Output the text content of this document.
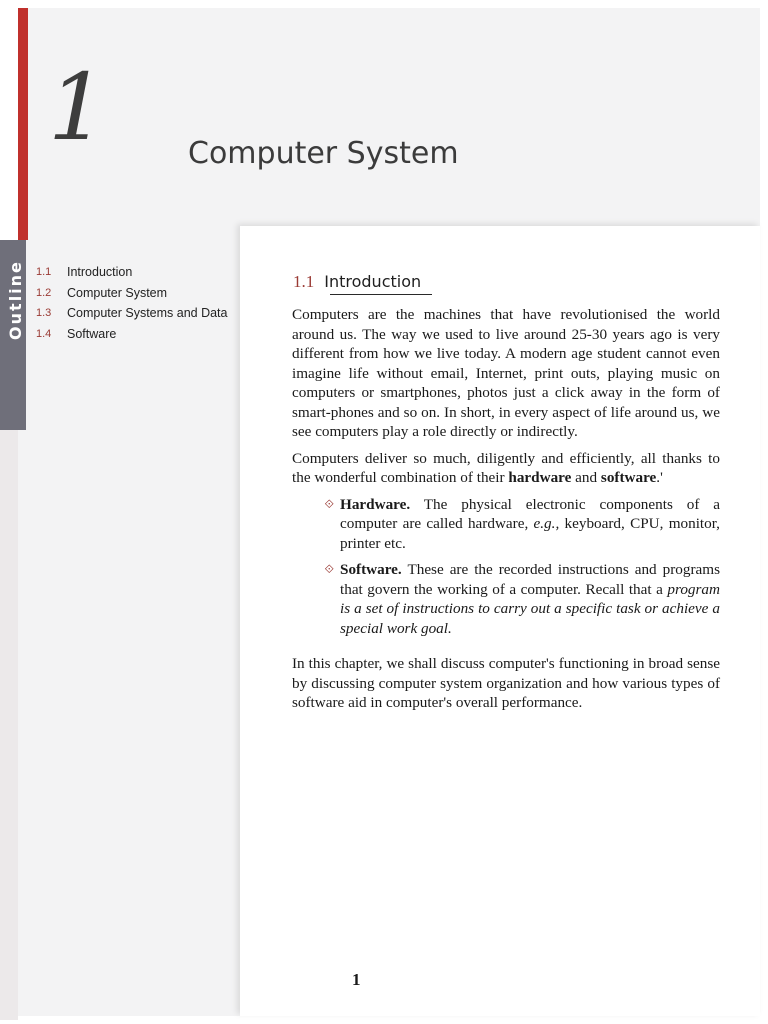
Outline
1	Computer System
1.1	Introduction
1.2	Computer System
1.3	Computer Systems and Data
1.4	Software
1.1 Introduction

Computers are the machines that have revolutionised the world around us. The way we used to live around 25-30 years ago is very different from how we live today. A modern age student cannot even imagine life without email, Internet, print outs, playing music on computers or smartphones, photos just a click away in the form of smart-phones and so on. In short, in every aspect of life around us, we see computers play a role directly or indirectly.

Computers deliver so much, diligently and efficiently, all thanks to the wonderful combination of their hardware and software.'

⟐ Hardware. The physical electronic components of a computer are called hardware, e.g., keyboard, CPU, monitor, printer etc.
⟐ Software. These are the recorded instructions and programs that govern the working of a computer. Recall that a program is a set of instructions to carry out a specific task or achieve a special work goal.

In this chapter, we shall discuss computer's functioning in broad sense by discussing computer system organization and how various types of software aid in computer's overall performance.

1
